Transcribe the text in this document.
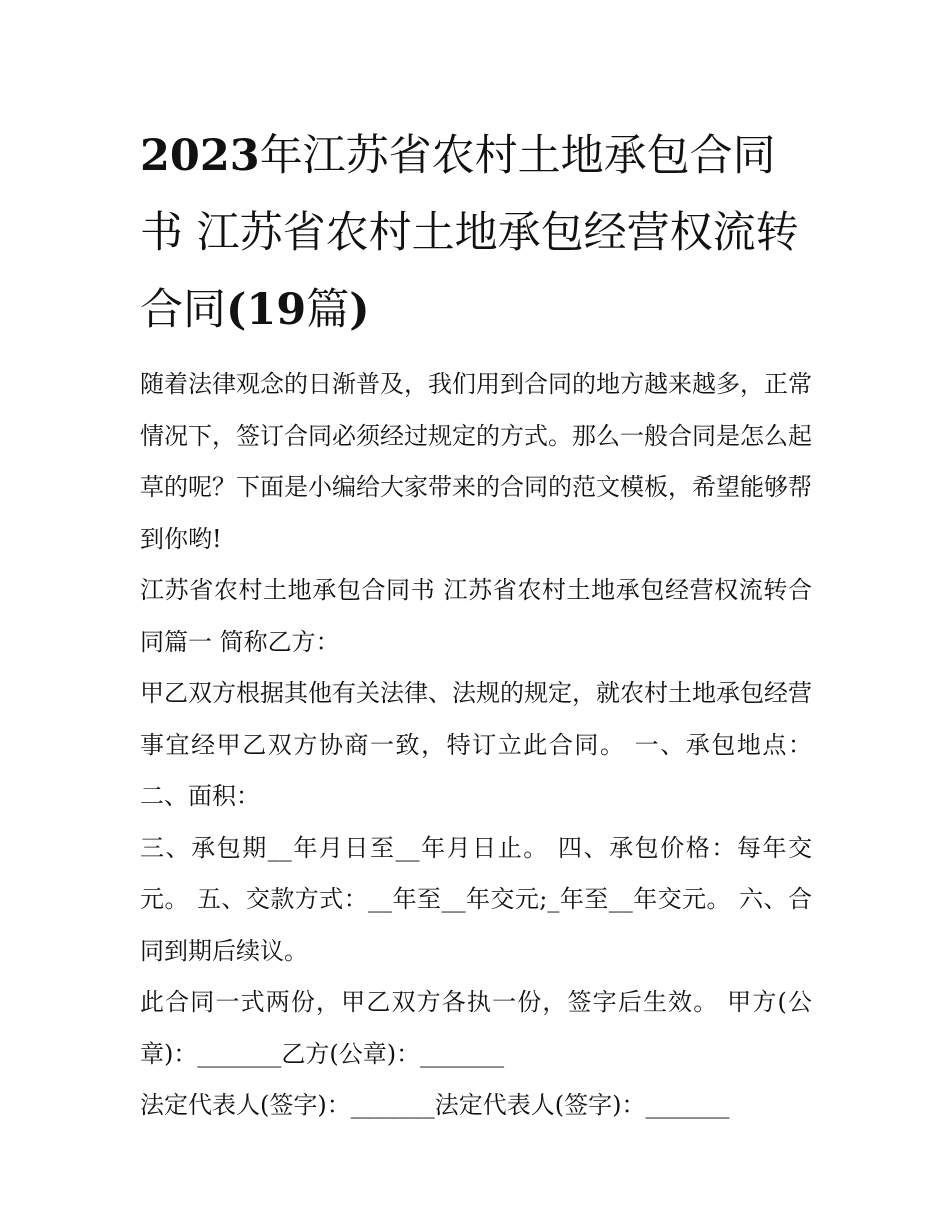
2023年江苏省农村土地承包合同书 江苏省农村土地承包经营权流转合同(19篇)

随着法律观念的日渐普及，我们用到合同的地方越来越多，正常情况下，签订合同必须经过规定的方式。那么一般合同是怎么起草的呢？下面是小编给大家带来的合同的范文模板，希望能够帮到你哟!

江苏省农村土地承包合同书 江苏省农村土地承包经营权流转合同篇一 简称乙方：

甲乙双方根据其他有关法律、法规的规定，就农村土地承包经营事宜经甲乙双方协商一致，特订立此合同。 一、承包地点： 二、面积：

三、承包期__年月日至__年月日止。 四、承包价格：每年交元。 五、交款方式：__年至__年交元;_年至__年交元。 六、合同到期后续议。

此合同一式两份，甲乙双方各执一份，签字后生效。 甲方(公章)：_______乙方(公章)：_______

法定代表人(签字)：_______法定代表人(签字)：_______
